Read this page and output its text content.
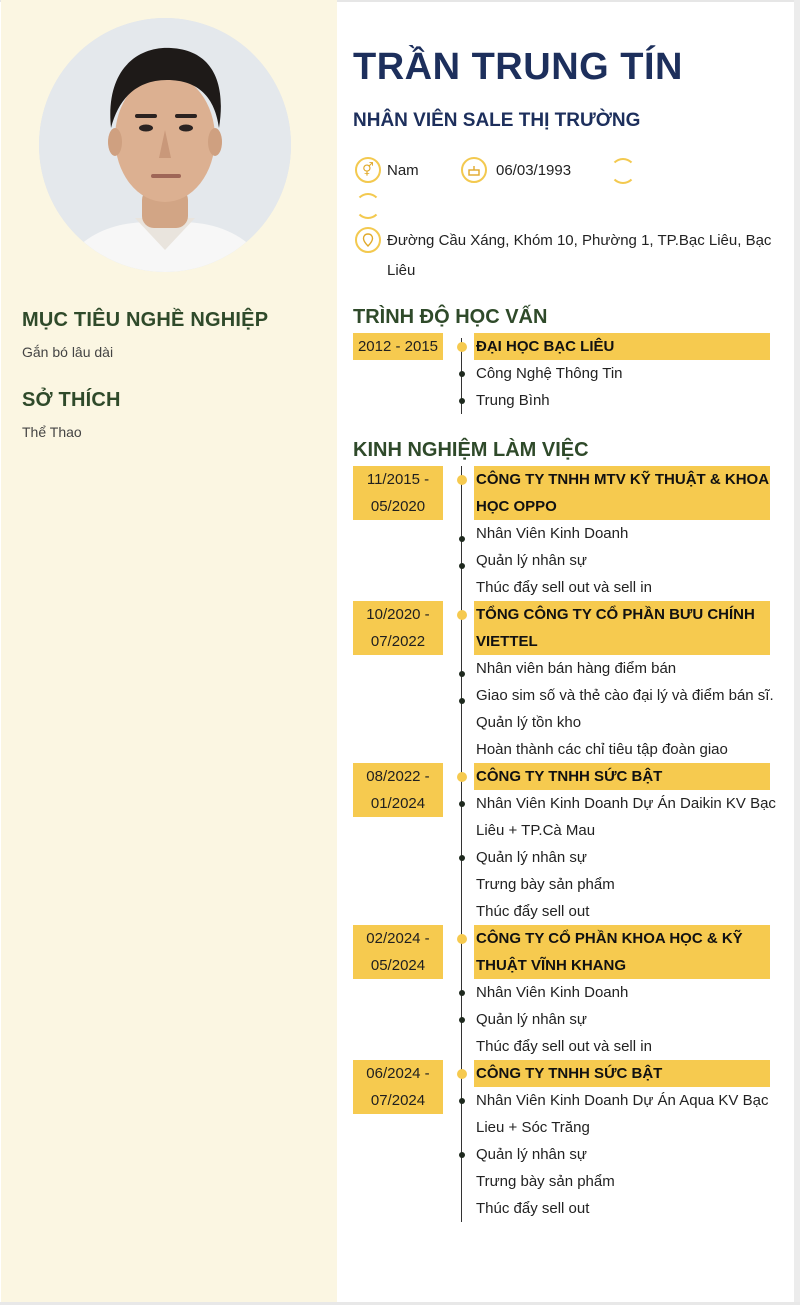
MỤC TIÊU NGHỀ NGHIỆP
Gắn bó lâu dài
SỞ THÍCH
Thể Thao
TRẦN TRUNG TÍN
NHÂN VIÊN SALE THỊ TRƯỜNG
⚥ Nam	06/03/1993
Đường Cầu Xáng, Khóm 10, Phường 1, TP.Bạc Liêu, Bạc
Liêu
TRÌNH ĐỘ HỌC VẤN
2012 - 2015	ĐẠI HỌC BẠC LIÊU
Công Nghệ Thông Tin
Trung Bình
KINH NGHIỆM LÀM VIỆC
11/2015 -
05/2020
CÔNG TY TNHH MTV KỸ THUẬT & KHOA
HỌC OPPO
Nhân Viên Kinh Doanh
Quản lý nhân sự
Thúc đẩy sell out và sell in
10/2020 -
07/2022
TỔNG CÔNG TY CỔ PHẦN BƯU CHÍNH
VIETTEL
Nhân viên bán hàng điểm bán
Giao sim số và thẻ cào đại lý và điểm bán sĩ.
Quản lý tồn kho
Hoàn thành các chỉ tiêu tập đoàn giao
08/2022 -
01/2024
CÔNG TY TNHH SỨC BẬT
Nhân Viên Kinh Doanh Dự Án Daikin KV Bạc
Liêu + TP.Cà Mau
Quản lý nhân sự
Trưng bày sản phẩm
Thúc đẩy sell out
02/2024 -
05/2024
CÔNG TY CỔ PHẦN KHOA HỌC & KỸ
THUẬT VĨNH KHANG
Nhân Viên Kinh Doanh
Quản lý nhân sự
Thúc đẩy sell out và sell in
06/2024 -
07/2024
CÔNG TY TNHH SỨC BẬT
Nhân Viên Kinh Doanh Dự Án Aqua KV Bạc
Lieu + Sóc Trăng
Quản lý nhân sự
Trưng bày sản phẩm
Thúc đẩy sell out
